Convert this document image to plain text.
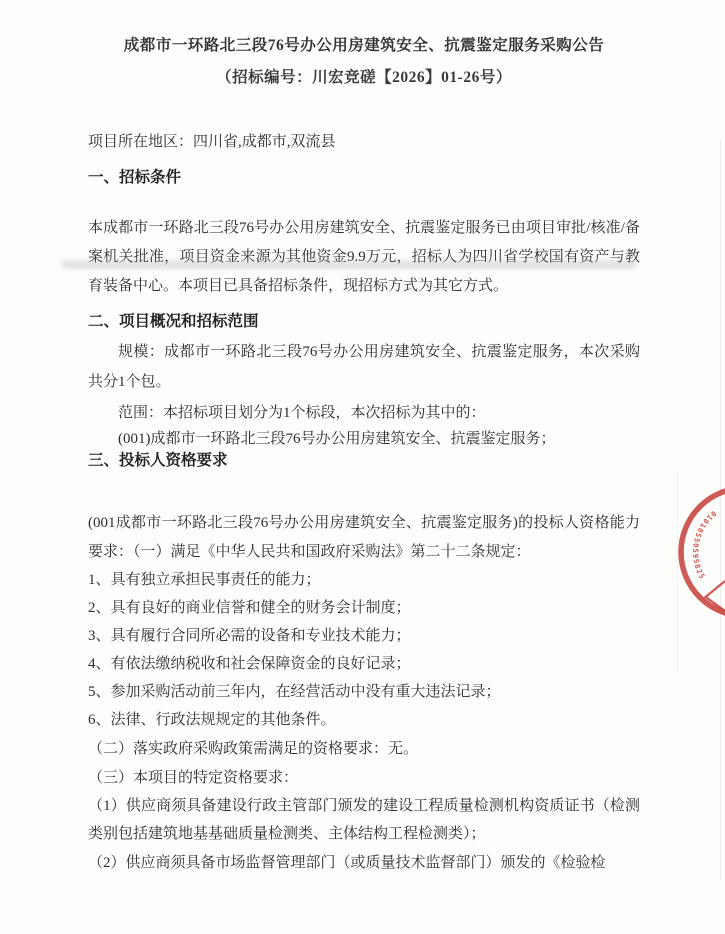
成都市一环路北三段76号办公用房建筑安全、抗震鉴定服务采购公告
（招标编号：川宏竞磋【2026】01-26号）
项目所在地区：四川省,成都市,双流县
一、招标条件
本成都市一环路北三段76号办公用房建筑安全、抗震鉴定服务已由项目审批/核准/备案机关批准，项目资金来源为其他资金9.9万元，招标人为四川省学校国有资产与教育装备中心。本项目已具备招标条件，现招标方式为其它方式。
二、项目概况和招标范围
规模：成都市一环路北三段76号办公用房建筑安全、抗震鉴定服务，本次采购共分1个包。
范围：本招标项目划分为1个标段，本次招标为其中的：
(001)成都市一环路北三段76号办公用房建筑安全、抗震鉴定服务；
三、投标人资格要求
(001成都市一环路北三段76号办公用房建筑安全、抗震鉴定服务)的投标人资格能力要求：（一）满足《中华人民共和国政府采购法》第二十二条规定：
1、具有独立承担民事责任的能力；
2、具有良好的商业信誉和健全的财务会计制度；
3、具有履行合同所必需的设备和专业技术能力；
4、有依法缴纳税收和社会保障资金的良好记录；
5、参加采购活动前三年内，在经营活动中没有重大违法记录；
6、法律、行政法规规定的其他条件。
（二）落实政府采购政策需满足的资格要求：无。
（三）本项目的特定资格要求：
（1）供应商须具备建设行政主管部门颁发的建设工程质量检测机构资质证书（检测类别包括建筑地基基础质量检测类、主体结构工程检测类）；
（2）供应商须具备市场监督管理部门（或质量技术监督部门）颁发的《检验检
01010550595825
